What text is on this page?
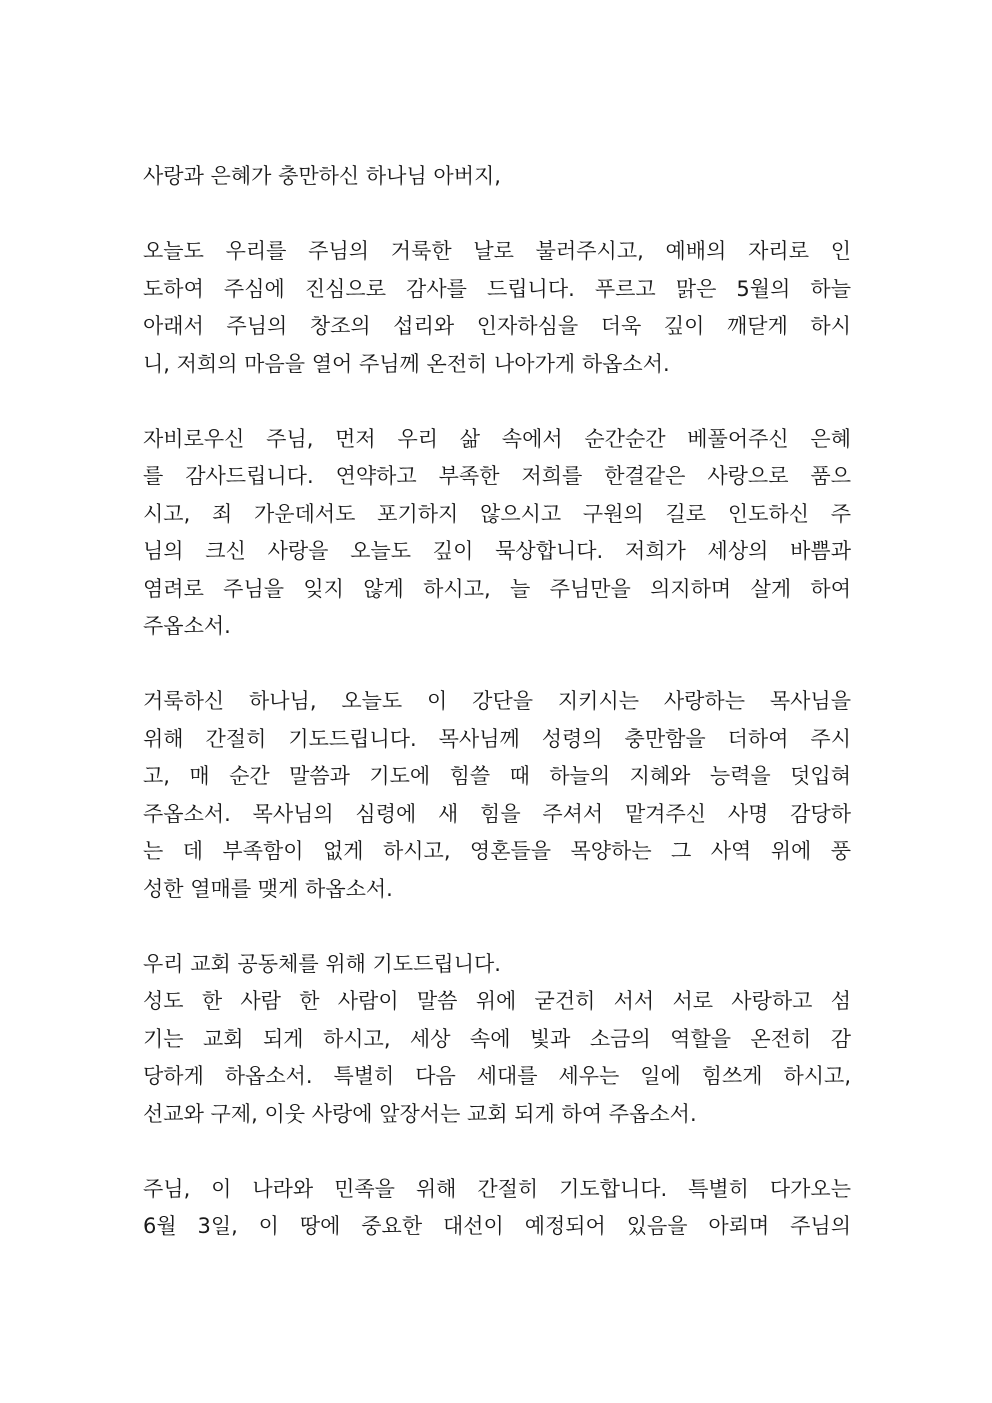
사랑과 은혜가 충만하신 하나님 아버지,
오늘도 우리를 주님의 거룩한 날로 불러주시고, 예배의 자리로 인
도하여 주심에 진심으로 감사를 드립니다. 푸르고 맑은 5월의 하늘
아래서 주님의 창조의 섭리와 인자하심을 더욱 깊이 깨닫게 하시
니, 저희의 마음을 열어 주님께 온전히 나아가게 하옵소서.
자비로우신 주님, 먼저 우리 삶 속에서 순간순간 베풀어주신 은혜
를 감사드립니다. 연약하고 부족한 저희를 한결같은 사랑으로 품으
시고, 죄 가운데서도 포기하지 않으시고 구원의 길로 인도하신 주
님의 크신 사랑을 오늘도 깊이 묵상합니다. 저희가 세상의 바쁨과
염려로 주님을 잊지 않게 하시고, 늘 주님만을 의지하며 살게 하여
주옵소서.
거룩하신 하나님, 오늘도 이 강단을 지키시는 사랑하는 목사님을
위해 간절히 기도드립니다. 목사님께 성령의 충만함을 더하여 주시
고, 매 순간 말씀과 기도에 힘쓸 때 하늘의 지혜와 능력을 덧입혀
주옵소서. 목사님의 심령에 새 힘을 주셔서 맡겨주신 사명 감당하
는 데 부족함이 없게 하시고, 영혼들을 목양하는 그 사역 위에 풍
성한 열매를 맺게 하옵소서.
우리 교회 공동체를 위해 기도드립니다.
성도 한 사람 한 사람이 말씀 위에 굳건히 서서 서로 사랑하고 섬
기는 교회 되게 하시고, 세상 속에 빛과 소금의 역할을 온전히 감
당하게 하옵소서. 특별히 다음 세대를 세우는 일에 힘쓰게 하시고,
선교와 구제, 이웃 사랑에 앞장서는 교회 되게 하여 주옵소서.
주님, 이 나라와 민족을 위해 간절히 기도합니다. 특별히 다가오는
6월 3일, 이 땅에 중요한 대선이 예정되어 있음을 아뢰며 주님의
